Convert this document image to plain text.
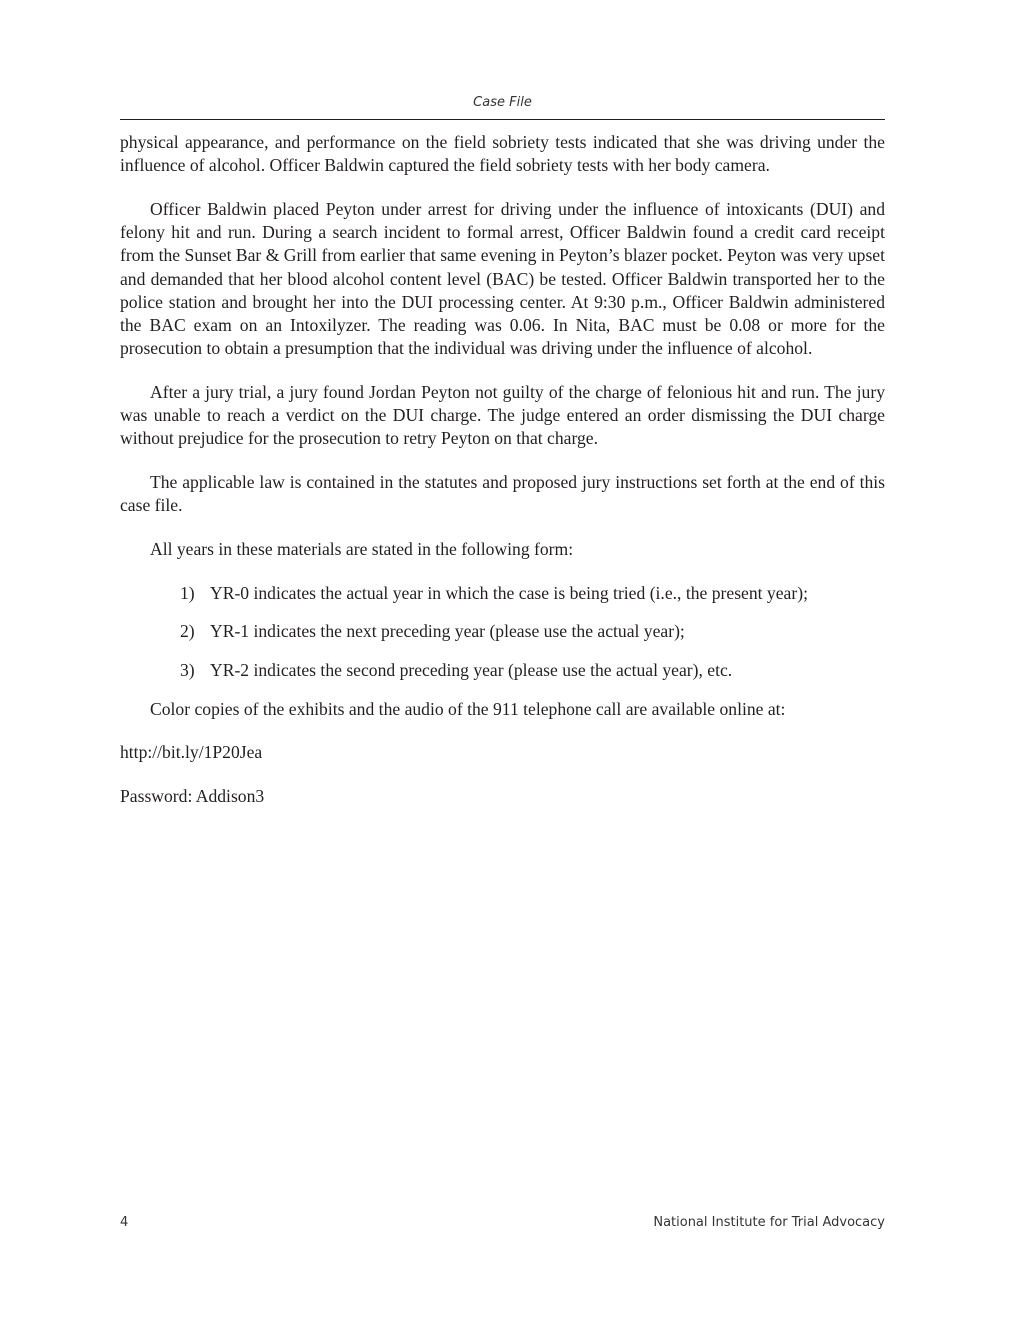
Case File

physical appearance, and performance on the field sobriety tests indicated that she was driving under the influence of alcohol. Officer Baldwin captured the field sobriety tests with her body camera.

Officer Baldwin placed Peyton under arrest for driving under the influence of intoxicants (DUI) and felony hit and run. During a search incident to formal arrest, Officer Baldwin found a credit card receipt from the Sunset Bar & Grill from earlier that same evening in Peyton’s blazer pocket. Peyton was very upset and demanded that her blood alcohol content level (BAC) be tested. Officer Baldwin transported her to the police station and brought her into the DUI processing center. At 9:30 p.m., Officer Baldwin administered the BAC exam on an Intoxilyzer. The reading was 0.06. In Nita, BAC must be 0.08 or more for the prosecution to obtain a presumption that the individual was driving under the influence of alcohol.

After a jury trial, a jury found Jordan Peyton not guilty of the charge of felonious hit and run. The jury was unable to reach a verdict on the DUI charge. The judge entered an order dismissing the DUI charge without prejudice for the prosecution to retry Peyton on that charge.

The applicable law is contained in the statutes and proposed jury instructions set forth at the end of this case file.

All years in these materials are stated in the following form:

1) YR-0 indicates the actual year in which the case is being tried (i.e., the present year);
2) YR-1 indicates the next preceding year (please use the actual year);
3) YR-2 indicates the second preceding year (please use the actual year), etc.

Color copies of the exhibits and the audio of the 911 telephone call are available online at:

http://bit.ly/1P20Jea

Password: Addison3

4	National Institute for Trial Advocacy
